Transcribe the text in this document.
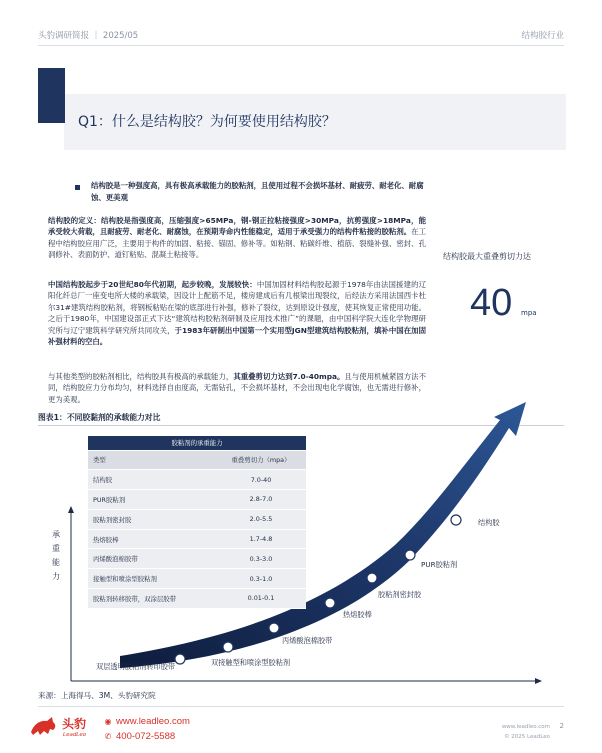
头豹调研简报 ｜ 2025/05	结构胶行业
Q1：什么是结构胶？为何要使用结构胶？
结构胶是一种强度高，具有极高承载能力的胶粘剂，且使用过程不会损坏基材、耐疲劳、耐老化、耐腐蚀、更美观
结构胶的定义：结构胶是指强度高，压缩强度>65MPa，钢-钢正拉粘接强度>30MPa，抗剪强度>18MPa，能承受较大荷载，且耐疲劳、耐老化、耐腐蚀，在预期寿命内性能稳定，适用于承受强力的结构件粘接的胶粘剂。在工程中结构胶应用广泛，主要用于构件的加固、粘接、锚固、修补等。如粘钢、粘碳纤维、植筋、裂缝补强、密封、孔洞修补、表面防护、道钉粘贴、混凝土粘接等。
中国结构胶起步于20世纪80年代初期，起步较晚，发展较快：中国加固材料结构胶起源于1978年由法国援建的辽阳化纤总厂一座变电所大楼的承载梁，因设计上配筋不足，楼房建成后有几根梁出现裂纹，后经法方采用法国西卡杜尔31#建筑结构胶粘剂，将钢板粘贴在梁的底部进行补强，修补了裂纹，达到原设计强度，使其恢复正常使用功能。之后于1980年，中国建设部正式下达“建筑结构胶粘剂研制及应用技术推广”的课题，由中国科学院大连化学物理研究所与辽宁建筑科学研究所共同攻关，于1983年研制出中国第一个实用型JGN型建筑结构胶粘剂，填补中国在加固补强材料的空白。
与其他类型的胶粘剂相比，结构胶具有极高的承载能力，其重叠剪切力达到7.0-40mpa。且与使用机械紧固方法不同，结构胶应力分布均匀，材料选择自由度高，无需钻孔，不会损坏基材，不会出现电化学腐蚀，也无需进行修补，更为美观。
结构胶最大重叠剪切力达
40 mpa
图表1：不同胶黏剂的承载能力对比
双层透明胶粘剂转印胶带	双接触型和喷涂型胶粘剂
丙烯酸泡棉胶带
热熔胶棒
胶粘剂密封胶
PUR胶粘剂
结构胶
承
重
能
力
胶粘剂的承重能力	
类型	重叠剪切力（mpa）
结构胶	7.0-40
PUR胶粘剂	2.8-7.0
胶粘剂密封胶	2.0-5.5
热熔胶棒	1.7-4.8
丙烯酸泡棉胶带	0.3-3.0
接触型和喷涂型胶粘剂	0.3-1.0
胶粘剂转移胶带，双涂层胶带	0.01-0.1
来源：上海得马、3M、头豹研究院
头豹
LeadLeo
◉ www.leadleo.com
✆ 400-072-5588
2
www.leadleo.com
© 2025 LeadLeo
